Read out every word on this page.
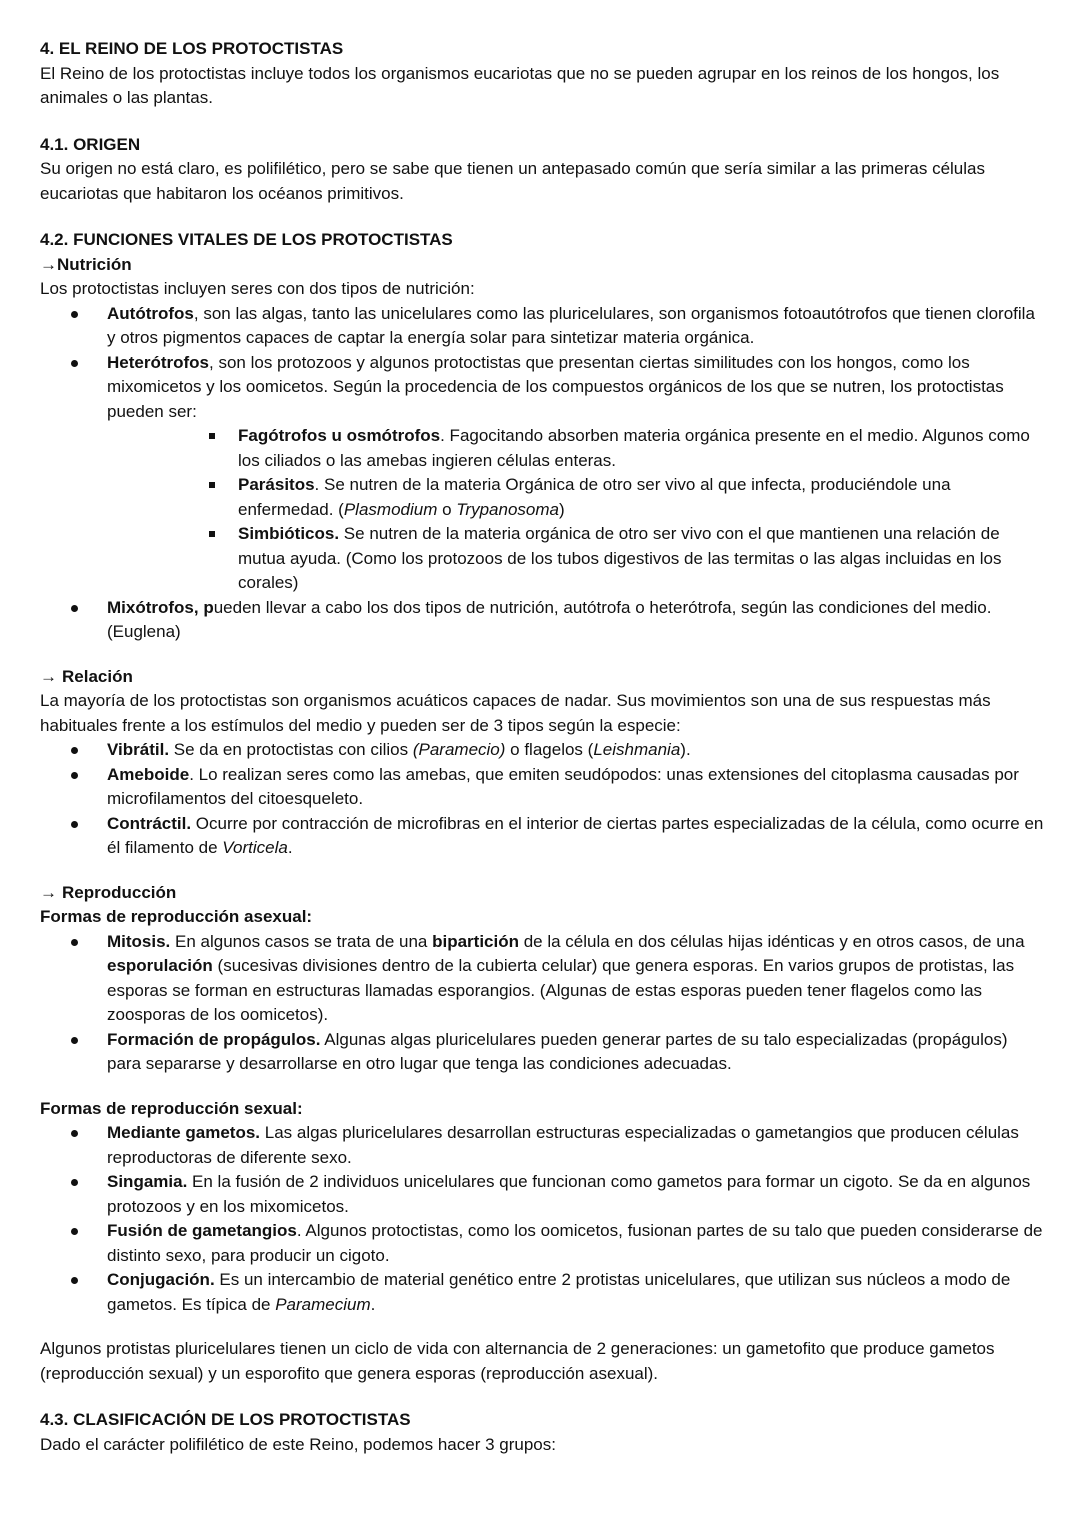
4. EL REINO DE LOS PROTOCTISTAS

El Reino de los protoctistas incluye todos los organismos eucariotas que no se pueden agrupar en los reinos de los hongos, los animales o las plantas.

4.1. ORIGEN

Su origen no está claro, es polifilético, pero se sabe que tienen un antepasado común que sería similar a las primeras células eucariotas que habitaron los océanos primitivos.

4.2. FUNCIONES VITALES DE LOS PROTOCTISTAS

→Nutrición

Los protoctistas incluyen seres con dos tipos de nutrición:

Autótrofos, son las algas, tanto las unicelulares como las pluricelulares, son organismos fotoautótrofos que tienen clorofila y otros pigmentos capaces de captar la energía solar para sintetizar materia orgánica.
Heterótrofos, son los protozoos y algunos protoctistas que presentan ciertas similitudes con los hongos, como los mixomicetos y los oomicetos. Según la procedencia de los compuestos orgánicos de los que se nutren, los protoctistas pueden ser:
Fagótrofos u osmótrofos. Fagocitando absorben materia orgánica presente en el medio. Algunos como los ciliados o las amebas ingieren células enteras.
Parásitos. Se nutren de la materia Orgánica de otro ser vivo al que infecta, produciéndole una enfermedad. (Plasmodium o Trypanosoma)
Simbióticos. Se nutren de la materia orgánica de otro ser vivo con el que mantienen una relación de mutua ayuda. (Como los protozoos de los tubos digestivos de las termitas o las algas incluidas en los corales)
Mixótrofos, pueden llevar a cabo los dos tipos de nutrición, autótrofa o heterótrofa, según las condiciones del medio. (Euglena)

→ Relación

La mayoría de los protoctistas son organismos acuáticos capaces de nadar. Sus movimientos son una de sus respuestas más habituales frente a los estímulos del medio y pueden ser de 3 tipos según la especie:

Vibrátil. Se da en protoctistas con cilios (Paramecio) o flagelos (Leishmania).
Ameboide. Lo realizan seres como las amebas, que emiten seudópodos: unas extensiones del citoplasma causadas por microfilamentos del citoesqueleto.
Contráctil. Ocurre por contracción de microfibras en el interior de ciertas partes especializadas de la célula, como ocurre en él filamento de Vorticela.

→ Reproducción

Formas de reproducción asexual:

Mitosis. En algunos casos se trata de una bipartición de la célula en dos células hijas idénticas y en otros casos, de una esporulación (sucesivas divisiones dentro de la cubierta celular) que genera esporas. En varios grupos de protistas, las esporas se forman en estructuras llamadas esporangios. (Algunas de estas esporas pueden tener flagelos como las zoosporas de los oomicetos).
Formación de propágulos. Algunas algas pluricelulares pueden generar partes de su talo especializadas (propágulos) para separarse y desarrollarse en otro lugar que tenga las condiciones adecuadas.

Formas de reproducción sexual:

Mediante gametos. Las algas pluricelulares desarrollan estructuras especializadas o gametangios que producen células reproductoras de diferente sexo.
Singamia. En la fusión de 2 individuos unicelulares que funcionan como gametos para formar un cigoto. Se da en algunos protozoos y en los mixomicetos.
Fusión de gametangios. Algunos protoctistas, como los oomicetos, fusionan partes de su talo que pueden considerarse de distinto sexo, para producir un cigoto.
Conjugación. Es un intercambio de material genético entre 2 protistas unicelulares, que utilizan sus núcleos a modo de gametos. Es típica de Paramecium.

Algunos protistas pluricelulares tienen un ciclo de vida con alternancia de 2 generaciones: un gametofito que produce gametos (reproducción sexual) y un esporofito que genera esporas (reproducción asexual).

4.3. CLASIFICACIÓN DE LOS PROTOCTISTAS

Dado el carácter polifilético de este Reino, podemos hacer 3 grupos:
